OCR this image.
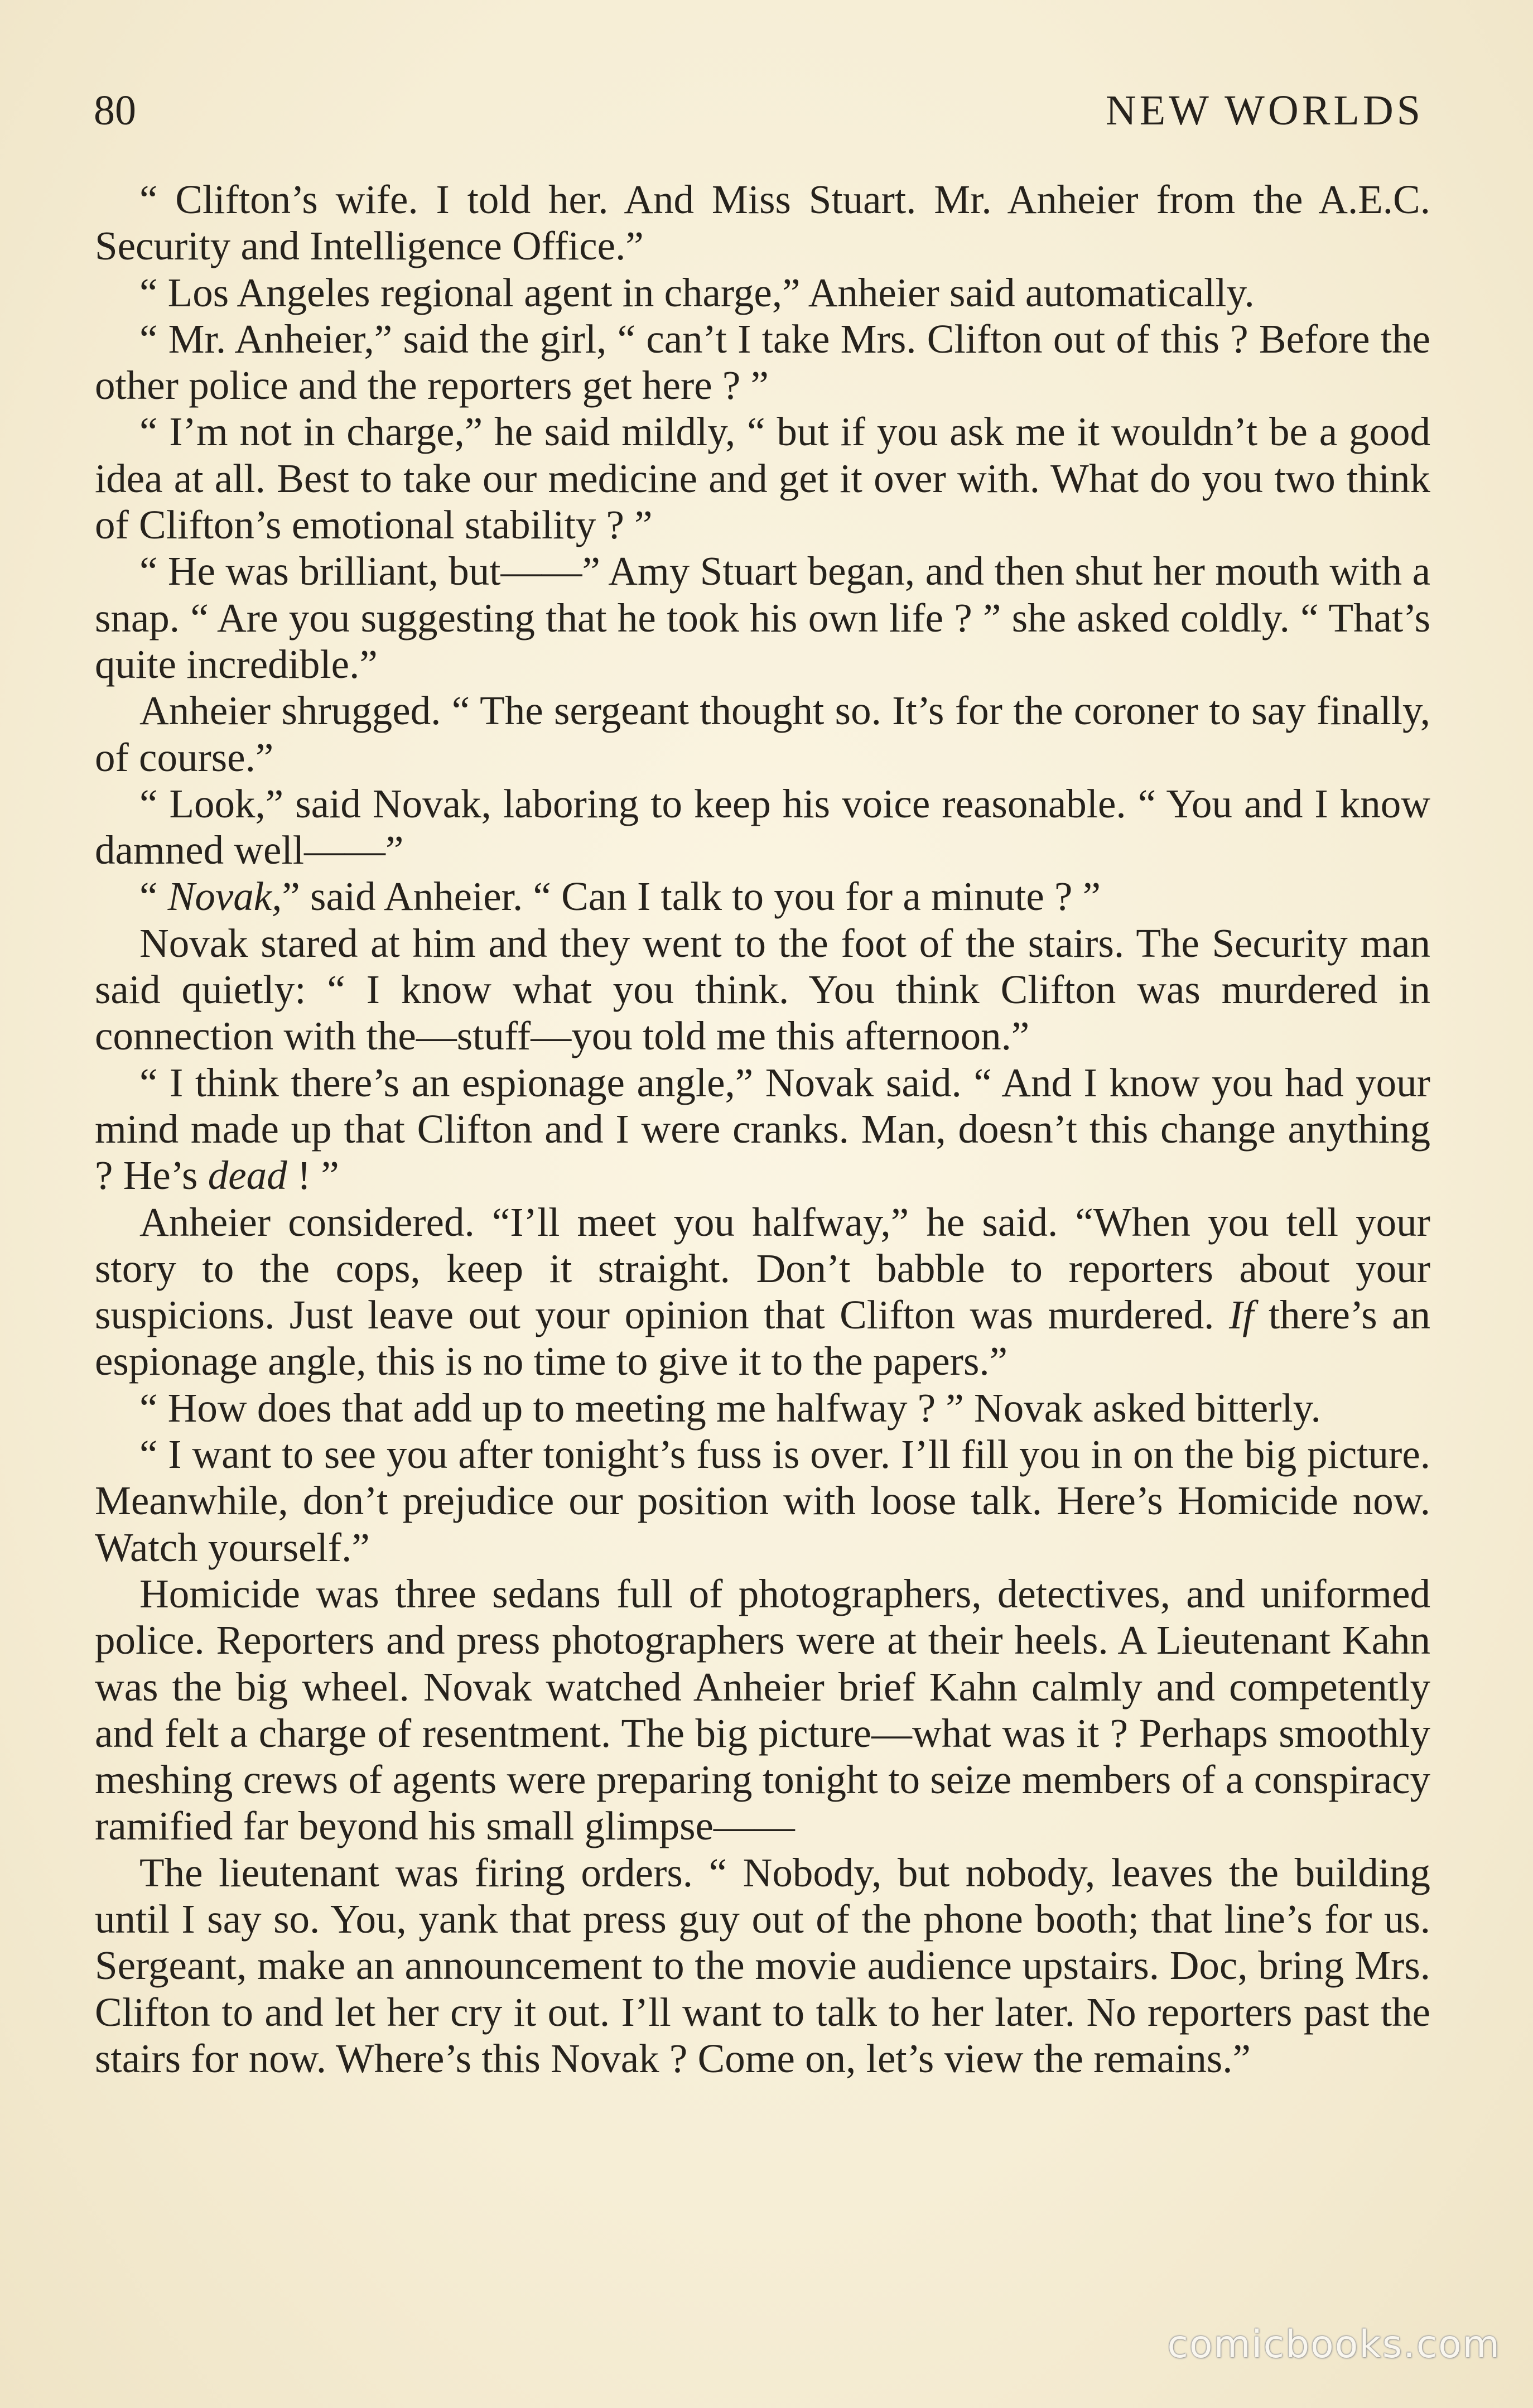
80	NEW WORLDS

“ Clifton’s wife. I told her. And Miss Stuart. Mr. Anheier from the A.E.C. Security and Intelligence Office.”

“ Los Angeles regional agent in charge,” Anheier said automatically.

“ Mr. Anheier,” said the girl, “ can’t I take Mrs. Clifton out of this ? Before the other police and the reporters get here ? ”

“ I’m not in charge,” he said mildly, “ but if you ask me it wouldn’t be a good idea at all. Best to take our medicine and get it over with. What do you two think of Clifton’s emotional stability ? ”

“ He was brilliant, but——” Amy Stuart began, and then shut her mouth with a snap. “ Are you suggesting that he took his own life ? ” she asked coldly. “ That’s quite incredible.”

Anheier shrugged. “ The sergeant thought so. It’s for the coroner to say finally, of course.”

“ Look,” said Novak, laboring to keep his voice reasonable. “ You and I know damned well——”

“ Novak,” said Anheier. “ Can I talk to you for a minute ? ”

Novak stared at him and they went to the foot of the stairs. The Security man said quietly: “ I know what you think. You think Clifton was murdered in connection with the—stuff—you told me this afternoon.”

“ I think there’s an espionage angle,” Novak said. “ And I know you had your mind made up that Clifton and I were cranks. Man, doesn’t this change anything ? He’s dead ! ”

Anheier considered. “I’ll meet you halfway,” he said. “When you tell your story to the cops, keep it straight. Don’t babble to reporters about your suspicions. Just leave out your opinion that Clifton was murdered. If there’s an espionage angle, this is no time to give it to the papers.”

“ How does that add up to meeting me halfway ? ” Novak asked bitterly.

“ I want to see you after tonight’s fuss is over. I’ll fill you in on the big picture. Meanwhile, don’t prejudice our position with loose talk. Here’s Homicide now. Watch yourself.”

Homicide was three sedans full of photographers, detectives, and uniformed police. Reporters and press photographers were at their heels. A Lieutenant Kahn was the big wheel. Novak watched Anheier brief Kahn calmly and competently and felt a charge of resentment. The big picture—what was it ? Perhaps smoothly meshing crews of agents were preparing tonight to seize members of a conspiracy ramified far beyond his small glimpse——

The lieutenant was firing orders. “ Nobody, but nobody, leaves the building until I say so. You, yank that press guy out of the phone booth; that line’s for us. Sergeant, make an announcement to the movie audience upstairs. Doc, bring Mrs. Clifton to and let her cry it out. I’ll want to talk to her later. No reporters past the stairs for now. Where’s this Novak ? Come on, let’s view the remains.”

comicbooks.com
